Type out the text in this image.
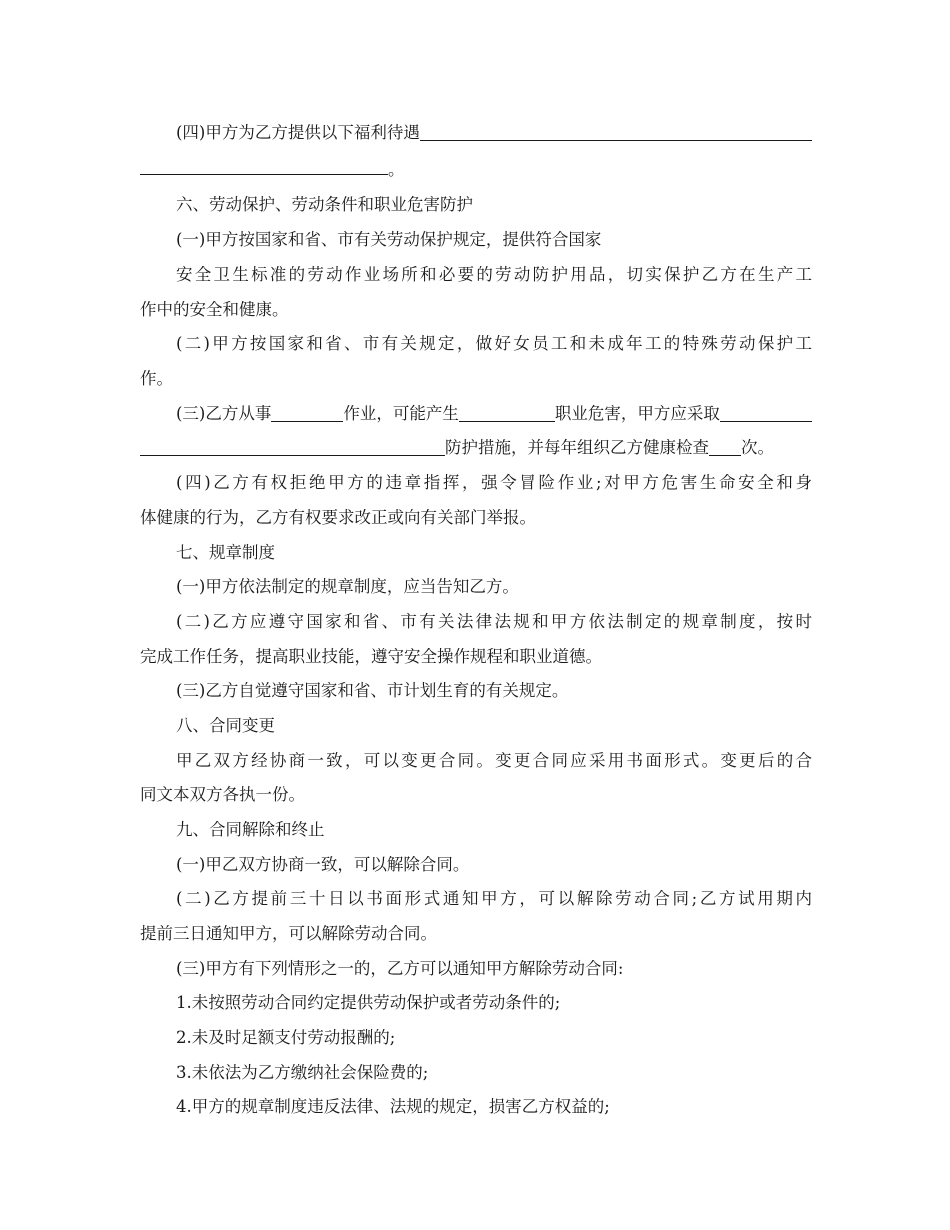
(四)甲方为乙方提供以下福利待遇
。
六、劳动保护、劳动条件和职业危害防护
(一)甲方按国家和省、市有关劳动保护规定，提供符合国家
安全卫生标准的劳动作业场所和必要的劳动防护用品，切实保护乙方在生产工
作中的安全和健康。
(二)甲方按国家和省、市有关规定，做好女员工和未成年工的特殊劳动保护工
作。
(三)乙方从事	作业，可能产生	职业危害，甲方应采取
防护措施，并每年组织乙方健康检查 次。
(四)乙方有权拒绝甲方的违章指挥，强令冒险作业;对甲方危害生命安全和身
体健康的行为，乙方有权要求改正或向有关部门举报。
七、规章制度
(一)甲方依法制定的规章制度，应当告知乙方。
(二)乙方应遵守国家和省、市有关法律法规和甲方依法制定的规章制度，按时
完成工作任务，提高职业技能，遵守安全操作规程和职业道德。
(三)乙方自觉遵守国家和省、市计划生育的有关规定。
八、合同变更
甲乙双方经协商一致，可以变更合同。变更合同应采用书面形式。变更后的合
同文本双方各执一份。
九、合同解除和终止
(一)甲乙双方协商一致，可以解除合同。
(二)乙方提前三十日以书面形式通知甲方，可以解除劳动合同;乙方试用期内
提前三日通知甲方，可以解除劳动合同。
(三)甲方有下列情形之一的，乙方可以通知甲方解除劳动合同:
1.未按照劳动合同约定提供劳动保护或者劳动条件的;
2.未及时足额支付劳动报酬的;
3.未依法为乙方缴纳社会保险费的;
4.甲方的规章制度违反法律、法规的规定，损害乙方权益的;
